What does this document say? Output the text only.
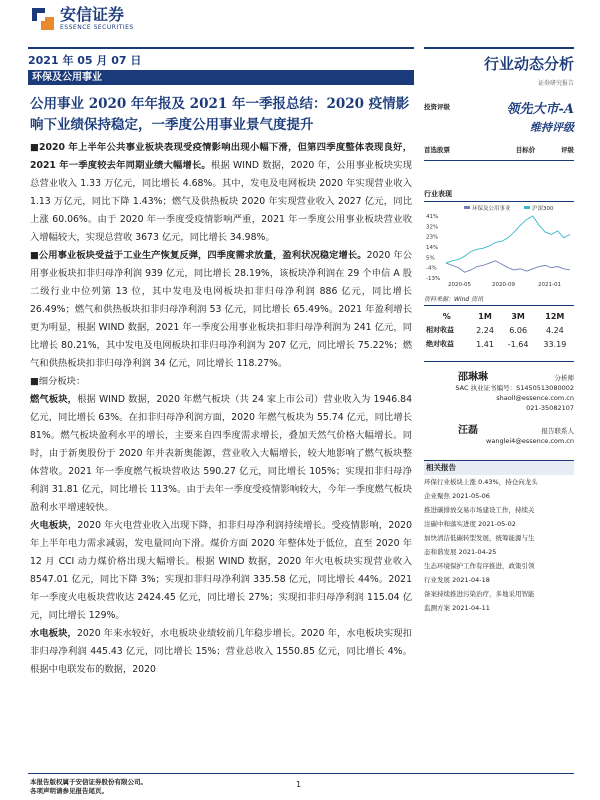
安信证券
ESSENCE SECURITIES
2021 年 05 月 07 日
环保及公用事业
行业动态分析
证券研究报告
公用事业 2020 年年报及 2021 年一季报总结：2020 疫情影响下业绩保持稳定，一季度公用事业景气度提升

■2020 年上半年公共事业板块表现受疫情影响出现小幅下滑，但第四季度整体表现良好，2021 年一季度较去年同期业绩大幅增长。根据 WIND 数据，2020 年，公用事业板块实现总营业收入 1.33 万亿元，同比增长 4.68%。其中，发电及电网板块 2020 年实现营业收入 1.13 万亿元，同比下降 1.43%；燃气及供热板块 2020 年实现营业收入 2027 亿元，同比上涨 60.06%。由于 2020 年一季度受疫情影响严重，2021 年一季度公用事业板块营业收入增幅较大，实现总营收 3673 亿元，同比增长 34.98%。

■公用事业板块受益于工业生产恢复反弹，四季度需求放量，盈利状况稳定增长。2020 年公用事业板块扣非归母净利润 939 亿元，同比增长 28.19%，该板块净利润在 29 个申信 A 股二级行业中位列第 13 位，其中发电及电网板块扣非归母净利润 886 亿元，同比增长 26.49%；燃气和供热板块扣非归母净利润 53 亿元，同比增长 65.49%。2021 年盈利增长更为明显，根据 WIND 数据，2021 年一季度公用事业板块扣非归母净利润为 241 亿元，同比增长 80.21%，其中发电及电网板块扣非归母净利润为 207 亿元，同比增长 75.22%；燃气和供热板块扣非归母净利润 34 亿元，同比增长 118.27%。

■细分板块：

燃气板块，根据 WIND 数据，2020 年燃气板块（共 24 家上市公司）营业收入为 1946.84 亿元，同比增长 63%。在扣非归母净利润方面，2020 年燃气板块为 55.74 亿元，同比增长 81%。燃气板块盈利水平的增长，主要来自四季度需求增长，叠加天然气价格大幅增长。同时，由于新奥股份于 2020 年并表新奥能源，营业收入大幅增长，较大地影响了燃气板块整体营收。2021 年一季度燃气板块营收达 590.27 亿元，同比增长 105%；实现扣非归母净利润 31.81 亿元，同比增长 113%。由于去年一季度受疫情影响较大，今年一季度燃气板块盈利水平增速较快。

火电板块，2020 年火电营业收入出现下降，扣非归母净利润持续增长。受疫情影响，2020 年上半年电力需求减弱，发电量同向下滑。煤价方面 2020 年整体处于低位，直至 2020 年 12 月 CCI 动力煤价格出现大幅增长。根据 WIND 数据，2020 年火电板块实现营业收入 8547.01 亿元，同比下降 3%；实现扣非归母净利润 335.58 亿元，同比增长 44%。2021 年一季度火电板块营收达 2424.45 亿元，同比增长 27%；实现扣非归母净利润 115.04 亿元，同比增长 129%。

水电板块，2020 年来水较好，水电板块业绩较前几年稳步增长。2020 年，水电板块实现扣非归母净利润 445.43 亿元，同比增长 15%；营业总收入 1550.85 亿元，同比增长 4%。根据中电联发布的数据，2020

投资评级	领先大市-A
维持评级
首选股票	目标价	评级
行业表现
41%
32%
23%
14%
5%
-4%
-13%
2020-05	2020-09	2021-01
环保及公用事业	沪深300
资料来源：Wind 资讯
%	1M	3M	12M
相对收益	2.24	6.06	4.24
绝对收益	1.41	-1.64	33.19
邵琳琳	分析师
SAC 执业证书编号：S1450513080002
shaoll@essence.com.cn
021-35082107
汪磊	报告联系人
wanglei4@essence.com.cn
相关报告
环保行业板块上涨 0.43%，持仓向龙头
企业聚焦 2021-05-06
推进碳排放交易市场建设工作，持续关
注碳中和落实进度 2021-05-02
加快清洁低碳转型发展，统筹能源与生
态和谐发展 2021-04-25
生态环境保护工作有序推进，政策引领
行业发展 2021-04-18
备案持续推进污染治疗，多地采用智能
监测方案 2021-04-11
本报告版权属于安信证券股份有限公司。
各项声明请参见报告尾页。
1
